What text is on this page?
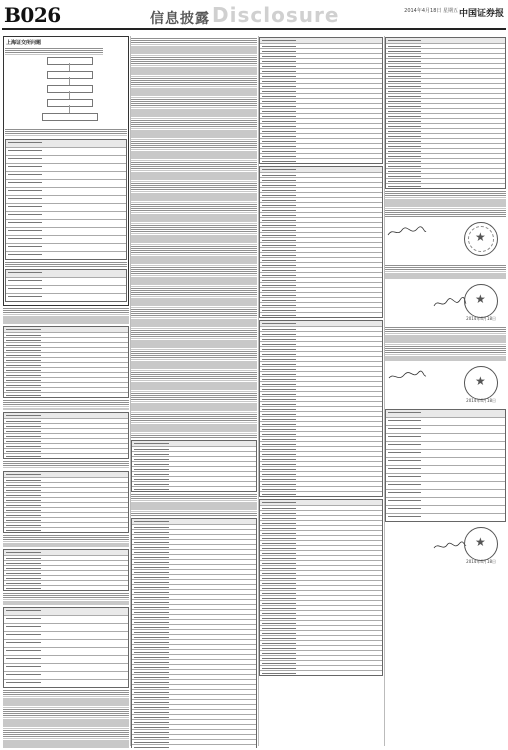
B026	信息披露 Disclosure	2014年4月18日 星期五 中国证券报
上海证交所问题
★
★
2014年4月18日
★
2014年4月18日
★
2014年4月18日
